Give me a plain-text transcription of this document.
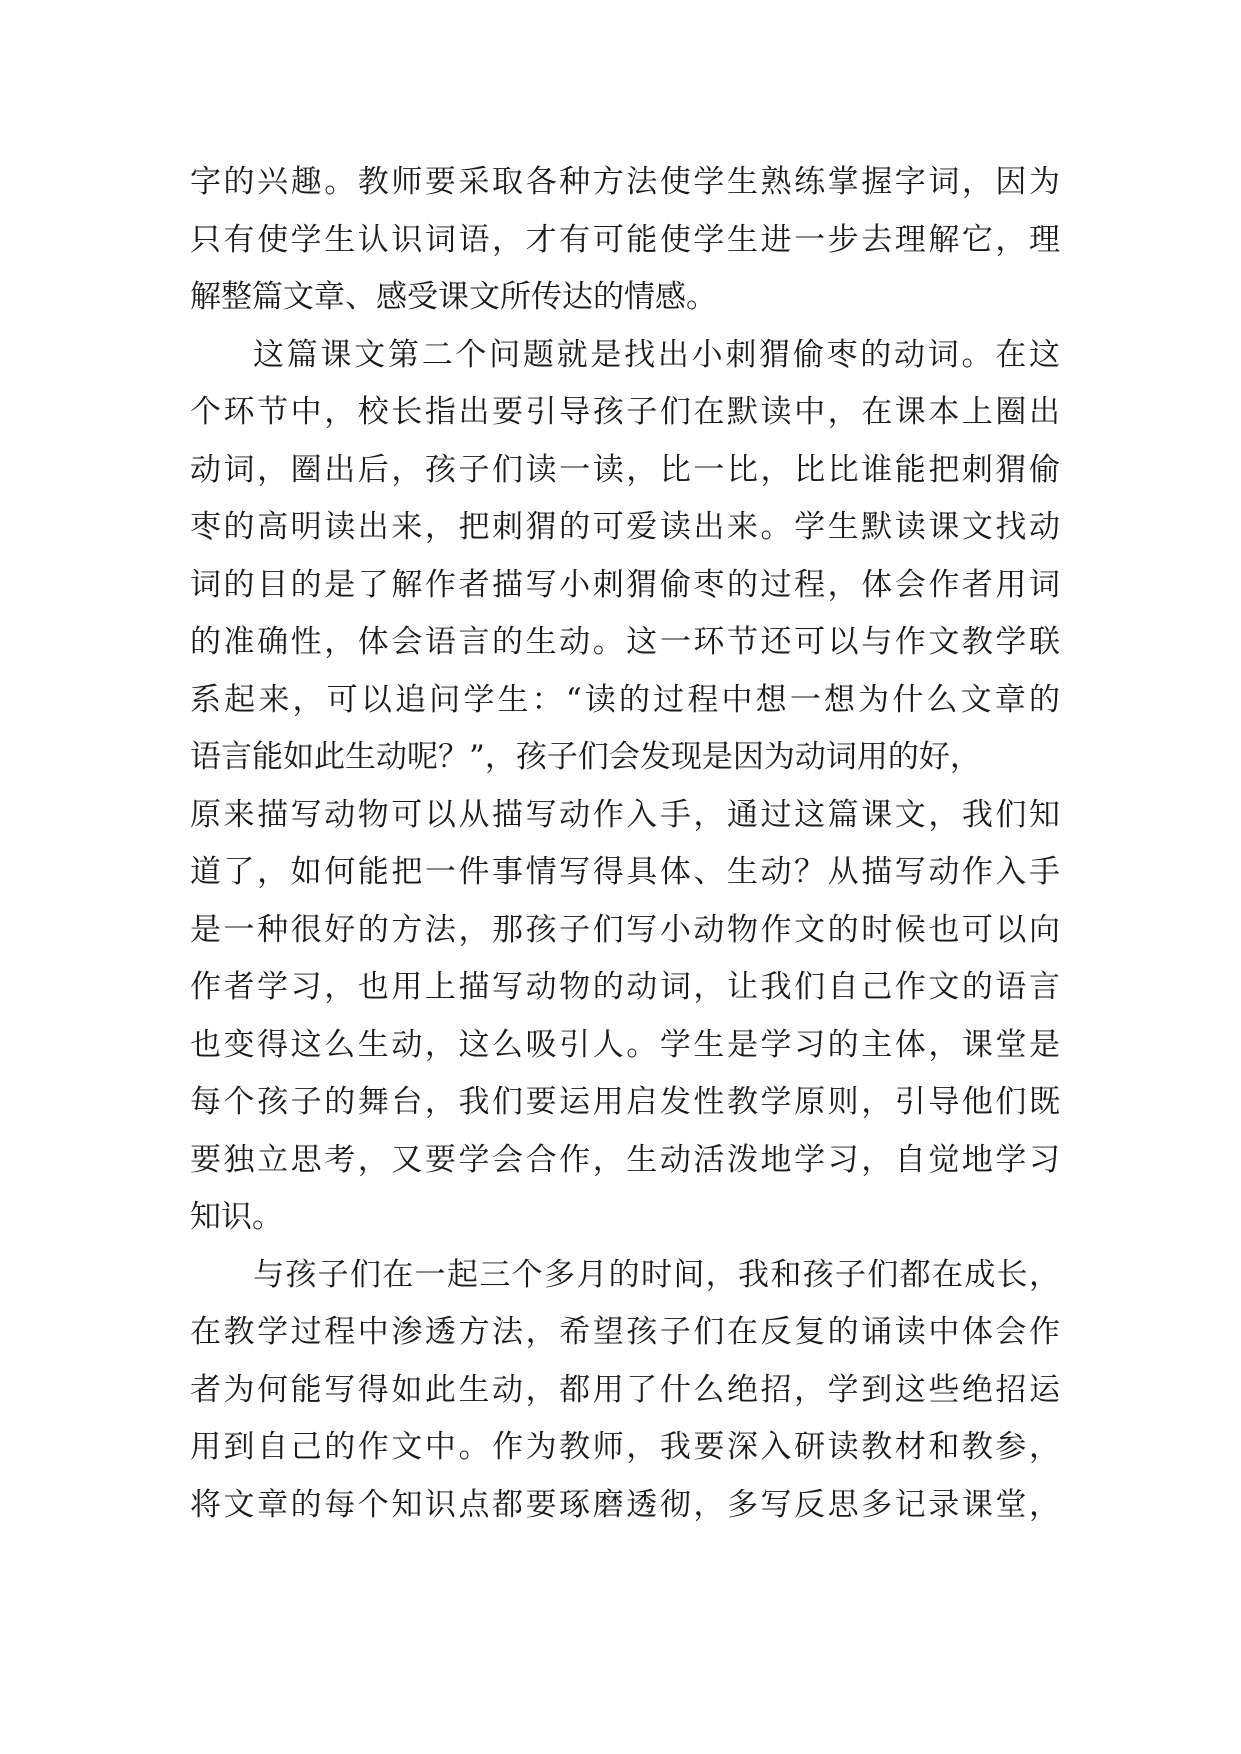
字的兴趣。教师要采取各种方法使学生熟练掌握字词，因为
只有使学生认识词语，才有可能使学生进一步去理解它，理
解整篇文章、感受课文所传达的情感。
这篇课文第二个问题就是找出小刺猬偷枣的动词。在这
个环节中，校长指出要引导孩子们在默读中，在课本上圈出
动词，圈出后，孩子们读一读，比一比，比比谁能把刺猬偷
枣的高明读出来，把刺猬的可爱读出来。学生默读课文找动
词的目的是了解作者描写小刺猬偷枣的过程，体会作者用词
的准确性，体会语言的生动。这一环节还可以与作文教学联
系起来，可以追问学生：“读的过程中想一想为什么文章的
语言能如此生动呢？”，孩子们会发现是因为动词用的好，
原来描写动物可以从描写动作入手，通过这篇课文，我们知
道了，如何能把一件事情写得具体、生动？从描写动作入手
是一种很好的方法，那孩子们写小动物作文的时候也可以向
作者学习，也用上描写动物的动词，让我们自己作文的语言
也变得这么生动，这么吸引人。学生是学习的主体，课堂是
每个孩子的舞台，我们要运用启发性教学原则，引导他们既
要独立思考，又要学会合作，生动活泼地学习，自觉地学习
知识。
与孩子们在一起三个多月的时间，我和孩子们都在成长，
在教学过程中渗透方法，希望孩子们在反复的诵读中体会作
者为何能写得如此生动，都用了什么绝招，学到这些绝招运
用到自己的作文中。作为教师，我要深入研读教材和教参，
将文章的每个知识点都要琢磨透彻，多写反思多记录课堂，
